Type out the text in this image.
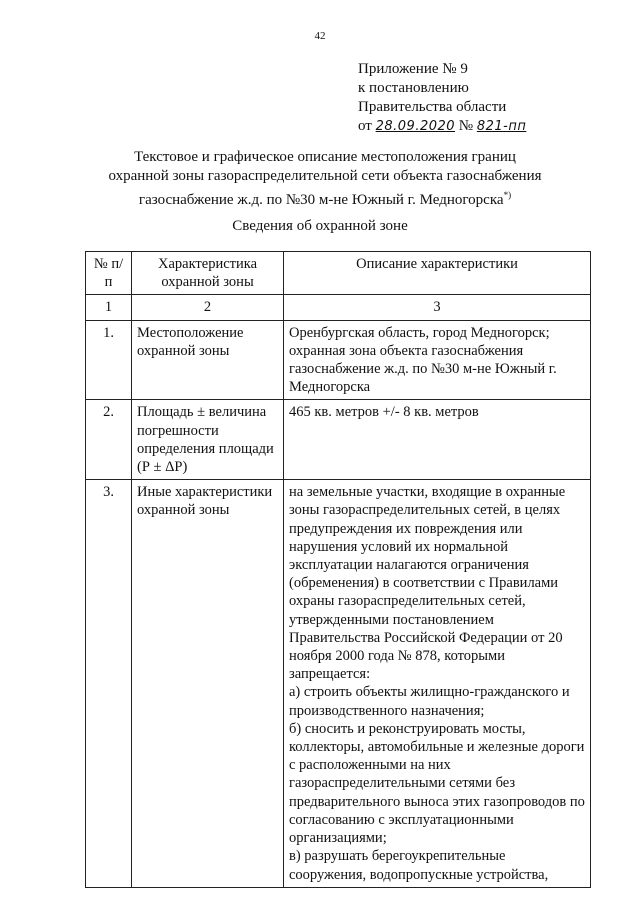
42
Приложение № 9
к постановлению
Правительства области
от 28.09.2020 № 821-пп
Текстовое и графическое описание местоположения границ
охранной зоны газораспределительной сети объекта газоснабжения
газоснабжение ж.д. по №30 м-не Южный г. Медногорска*)
Сведения об охранной зоне
№ п/п	Характеристика охранной зоны	Описание характеристики
1	2	3
1.	Местоположение охранной зоны	Оренбургская область, город Медногорск; охранная зона объекта газоснабжения газоснабжение ж.д. по №30 м-не Южный г. Медногорска
2.	Площадь ± величина погрешности определения площади (Р ± ΔР)	465 кв. метров +/- 8 кв. метров
3.	Иные характеристики охранной зоны	на земельные участки, входящие в охранные зоны газораспределительных сетей, в целях предупреждения их повреждения или нарушения условий их нормальной эксплуатации налагаются ограничения (обременения) в соответствии с Правилами охраны газораспределительных сетей, утвержденными постановлением Правительства Российской Федерации от 20 ноября 2000 года № 878, которыми запрещается:
а) строить объекты жилищно-гражданского и производственного назначения;
б) сносить и реконструировать мосты, коллекторы, автомобильные и железные дороги с расположенными на них газораспределительными сетями без предварительного выноса этих газопроводов по согласованию с эксплуатационными организациями;
в) разрушать берегоукрепительные сооружения, водопропускные устройства,
